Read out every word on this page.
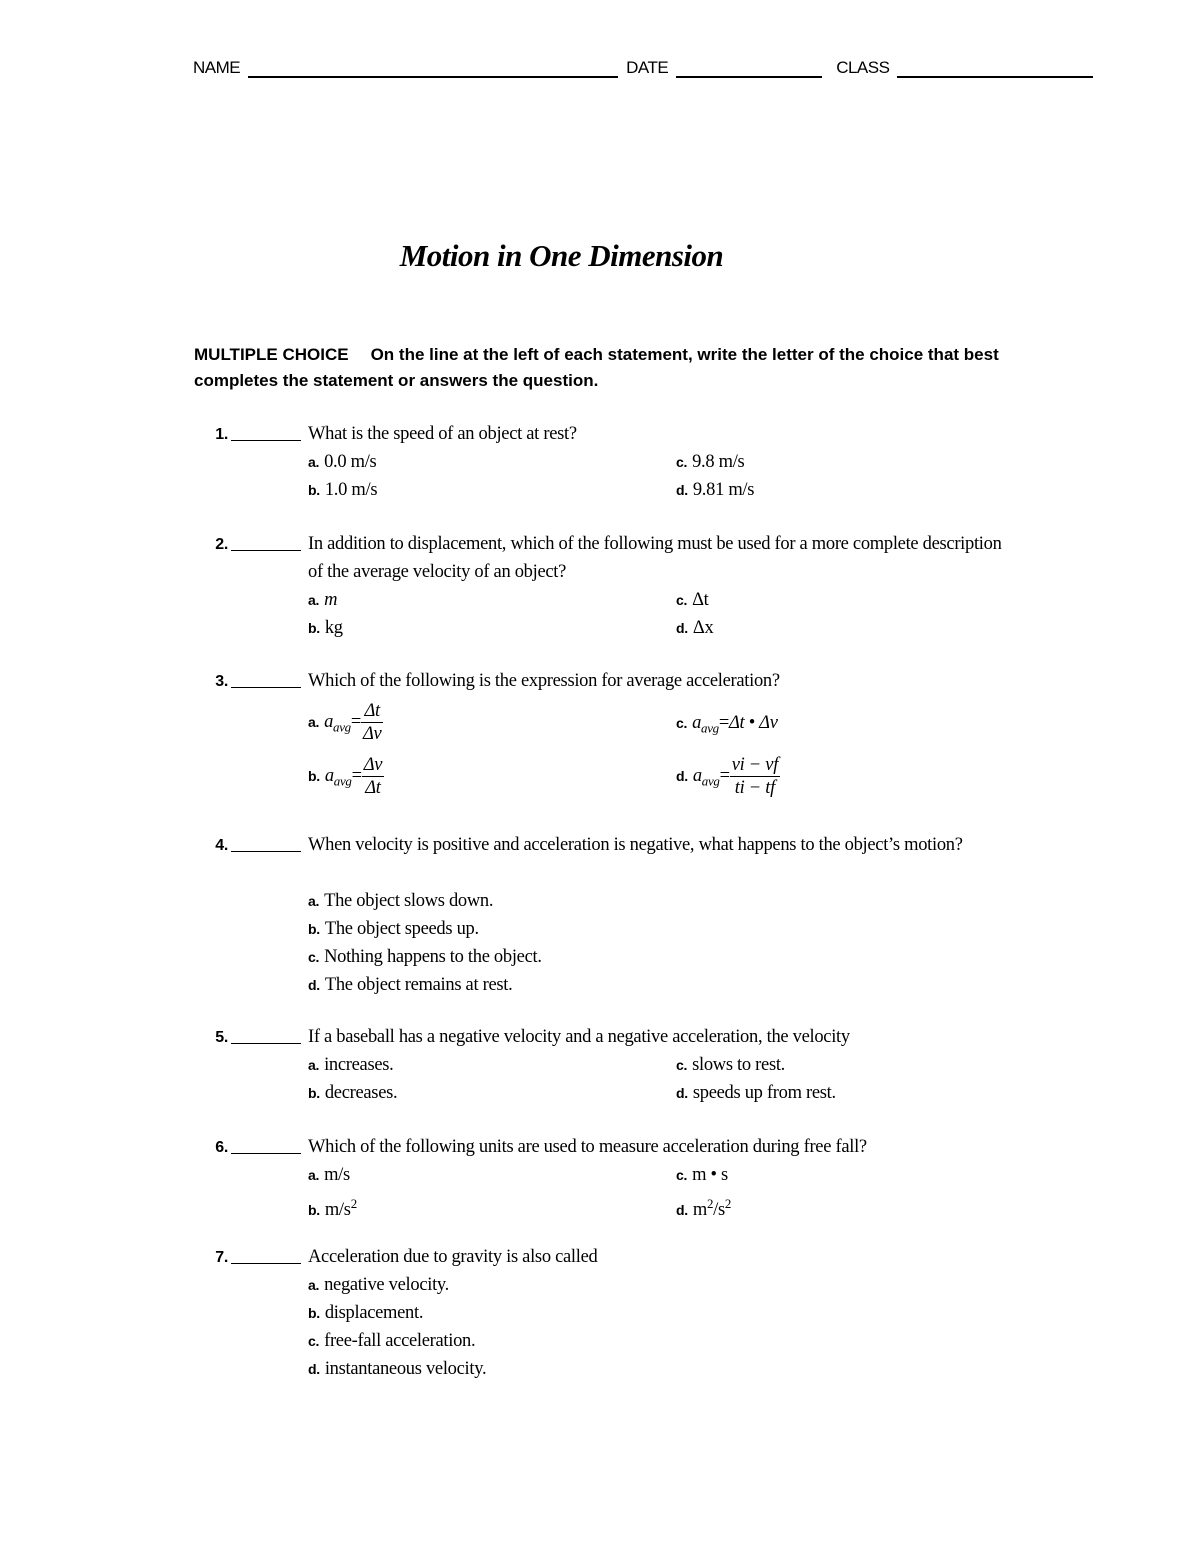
NAME	DATE	CLASS
Motion in One Dimension
MULTIPLE CHOICE On the line at the left of each statement, write the letter of the choice that best completes the statement or answers the question.
1.	What is the speed of an object at rest?
a. 0.0 m/s
b. 1.0 m/s
c. 9.8 m/s
d. 9.81 m/s
2.	In addition to displacement, which of the following must be used for a more complete description of the average velocity of an object?
a. m
b. kg
c. Δt
d. Δx
3.	Which of the following is the expression for average acceleration?
a. $a_{avg}= \frac{\Delta t}{\Delta v}$
b. $a_{avg}= \frac{\Delta v}{\Delta t}$
c. $a_{avg}=\Delta t$ • Δv
d. $a_{avg}= \frac{vi - vf}{ti - tf}$
4.	When velocity is positive and acceleration is negative, what happens to the object’s motion?
a. The object slows down.
b. The object speeds up.
c. Nothing happens to the object.
d. The object remains at rest.
5.	If a baseball has a negative velocity and a negative acceleration, the velocity
a. increases.
b. decreases.
c. slows to rest.
d. speeds up from rest.
6.	Which of the following units are used to measure acceleration during free fall?
a. m/s
b. $m/s^2$
c. m • s
d. $m^2/s^2$
7.	Acceleration due to gravity is also called
a. negative velocity.
b. displacement.
c. free-fall acceleration.
d. instantaneous velocity.
